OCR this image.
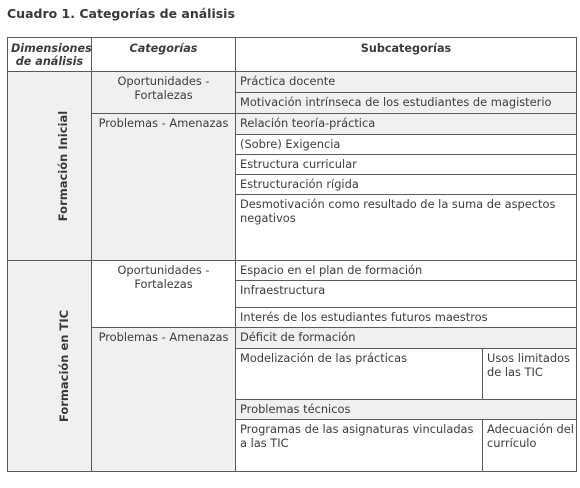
Cuadro 1. Categorías de análisis
Dimensiones de análisis	Categorías	Subcategorías	
Formación Inicial	Oportunidades - Fortalezas	Práctica docente	
		Motivación intrínseca de los estudiantes de magisterio	
	Problemas - Amenazas	Relación teoría-práctica	
		(Sobre) Exigencia	
		Estructura curricular	
		Estructuración rígida	
		Desmotivación como resultado de la suma de aspectos negativos	
Formación en TIC	Oportunidades - Fortalezas	Espacio en el plan de formación	
		Infraestructura	
		Interés de los estudiantes futuros maestros	
	Problemas - Amenazas	Déficit de formación	
		Modelización de las prácticas	Usos limitados de las TIC
		Problemas técnicos	
		Programas de las asignaturas vinculadas a las TIC	Adecuación del currículo
